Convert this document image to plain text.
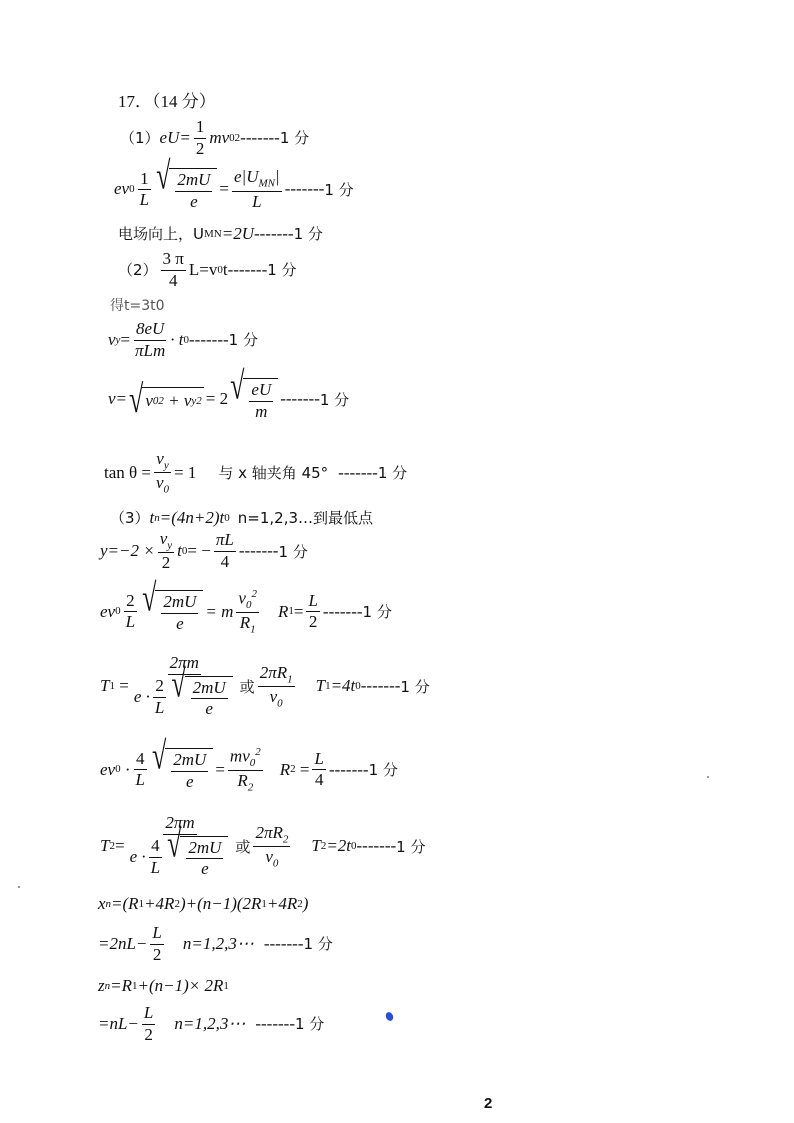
17．（14 分）
（1） $eU= \frac{1}{2}$ mv 0 2 ------- 1 分
ev $0 \frac{1}{L}$ √ $\frac{2mU}{e} = \frac{e|U_{MN}|}{L}$ ------- 1 分
电场向上，U MN =2U ------- 1 分
$(2) \frac{3 \pi}{4} L=v$ 0 t ------- 1 分
得t=3t 0
v $y = \frac{8eU}{\text{πLm}} \cdot t$ 0 ------- 1 分
v= √ v 0 2 + v y 2 = 2 √ $\frac{eU}{m}$ ------- 1 分
$\tan \theta = \frac{v_y}{v_0} = 1$ 与 x 轴夹角 45° ------- 1 分
（3） t n =(4n+2)t 0 n=1,2,3…到最低点
$y=-2 \times \frac{v_y}{2}$ t 0 = − $\frac{\pi L}{4}$ ------- 1 分
ev $0 \frac{2}{L}$ √ $\frac{2mU}{e} = m \frac{v_0^2}{R_1}$ R $1 = \frac{L}{2}$ ------- 1 分
T 1 =
2πm
$e \cdot \frac{2}{L}$ √ $\frac{2mU}{e}$ 或 $\frac{2\pi R_1}{v_0}$ T 1 =4t 0 ------- 1 分
ev $0 \cdot \frac{4}{L}$ √ $\frac{2mU}{e} = \frac{mv_0^2}{R_2}$ R $2 = \frac{L}{4}$ ------- 1 分
T 2 =
2πm
$e \cdot \frac{4}{L}$ √ $\frac{2mU}{e}$ 或 $\frac{2\pi R_2}{v_0}$ T 2 =2t 0 ------- 1 分
x n =(R 1 +4R 2 )+(n−1)(2R 1 +4R 2 )
$=2nL- \frac{L}{2}$ n=1,2,3⋯ ------- 1 分
z n =R 1 +(n−1)× 2R 1
$=nL- \frac{L}{2}$ n=1,2,3⋯ ------- 1 分
2
